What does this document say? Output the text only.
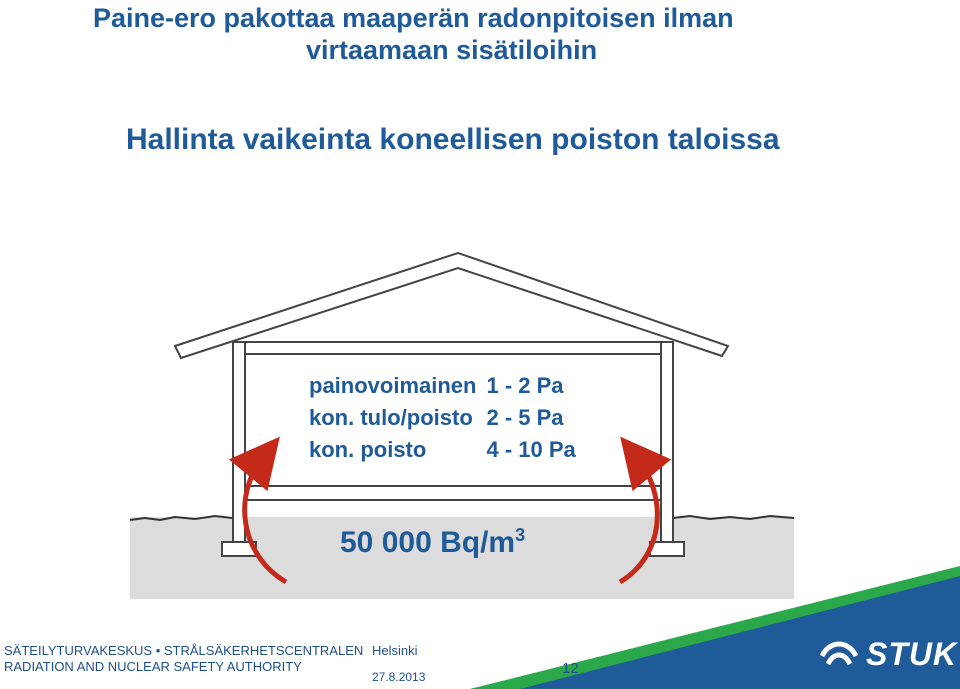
Paine-ero pakottaa maaperän radonpitoisen ilman
virtaamaan sisätiloihin
Hallinta vaikeinta koneellisen poiston taloissa
painovoimainen	1 - 2 Pa
kon. tulo/poisto	2 - 5 Pa
kon. poisto	4 - 10 Pa
50 000 $Bq/m^3$
SÄTEILYTURVAKESKUS • STRÅLSÄKERHETSCENTRALEN
RADIATION AND NUCLEAR SAFETY AUTHORITY
Helsinki
27.8.2013	12	STUK
